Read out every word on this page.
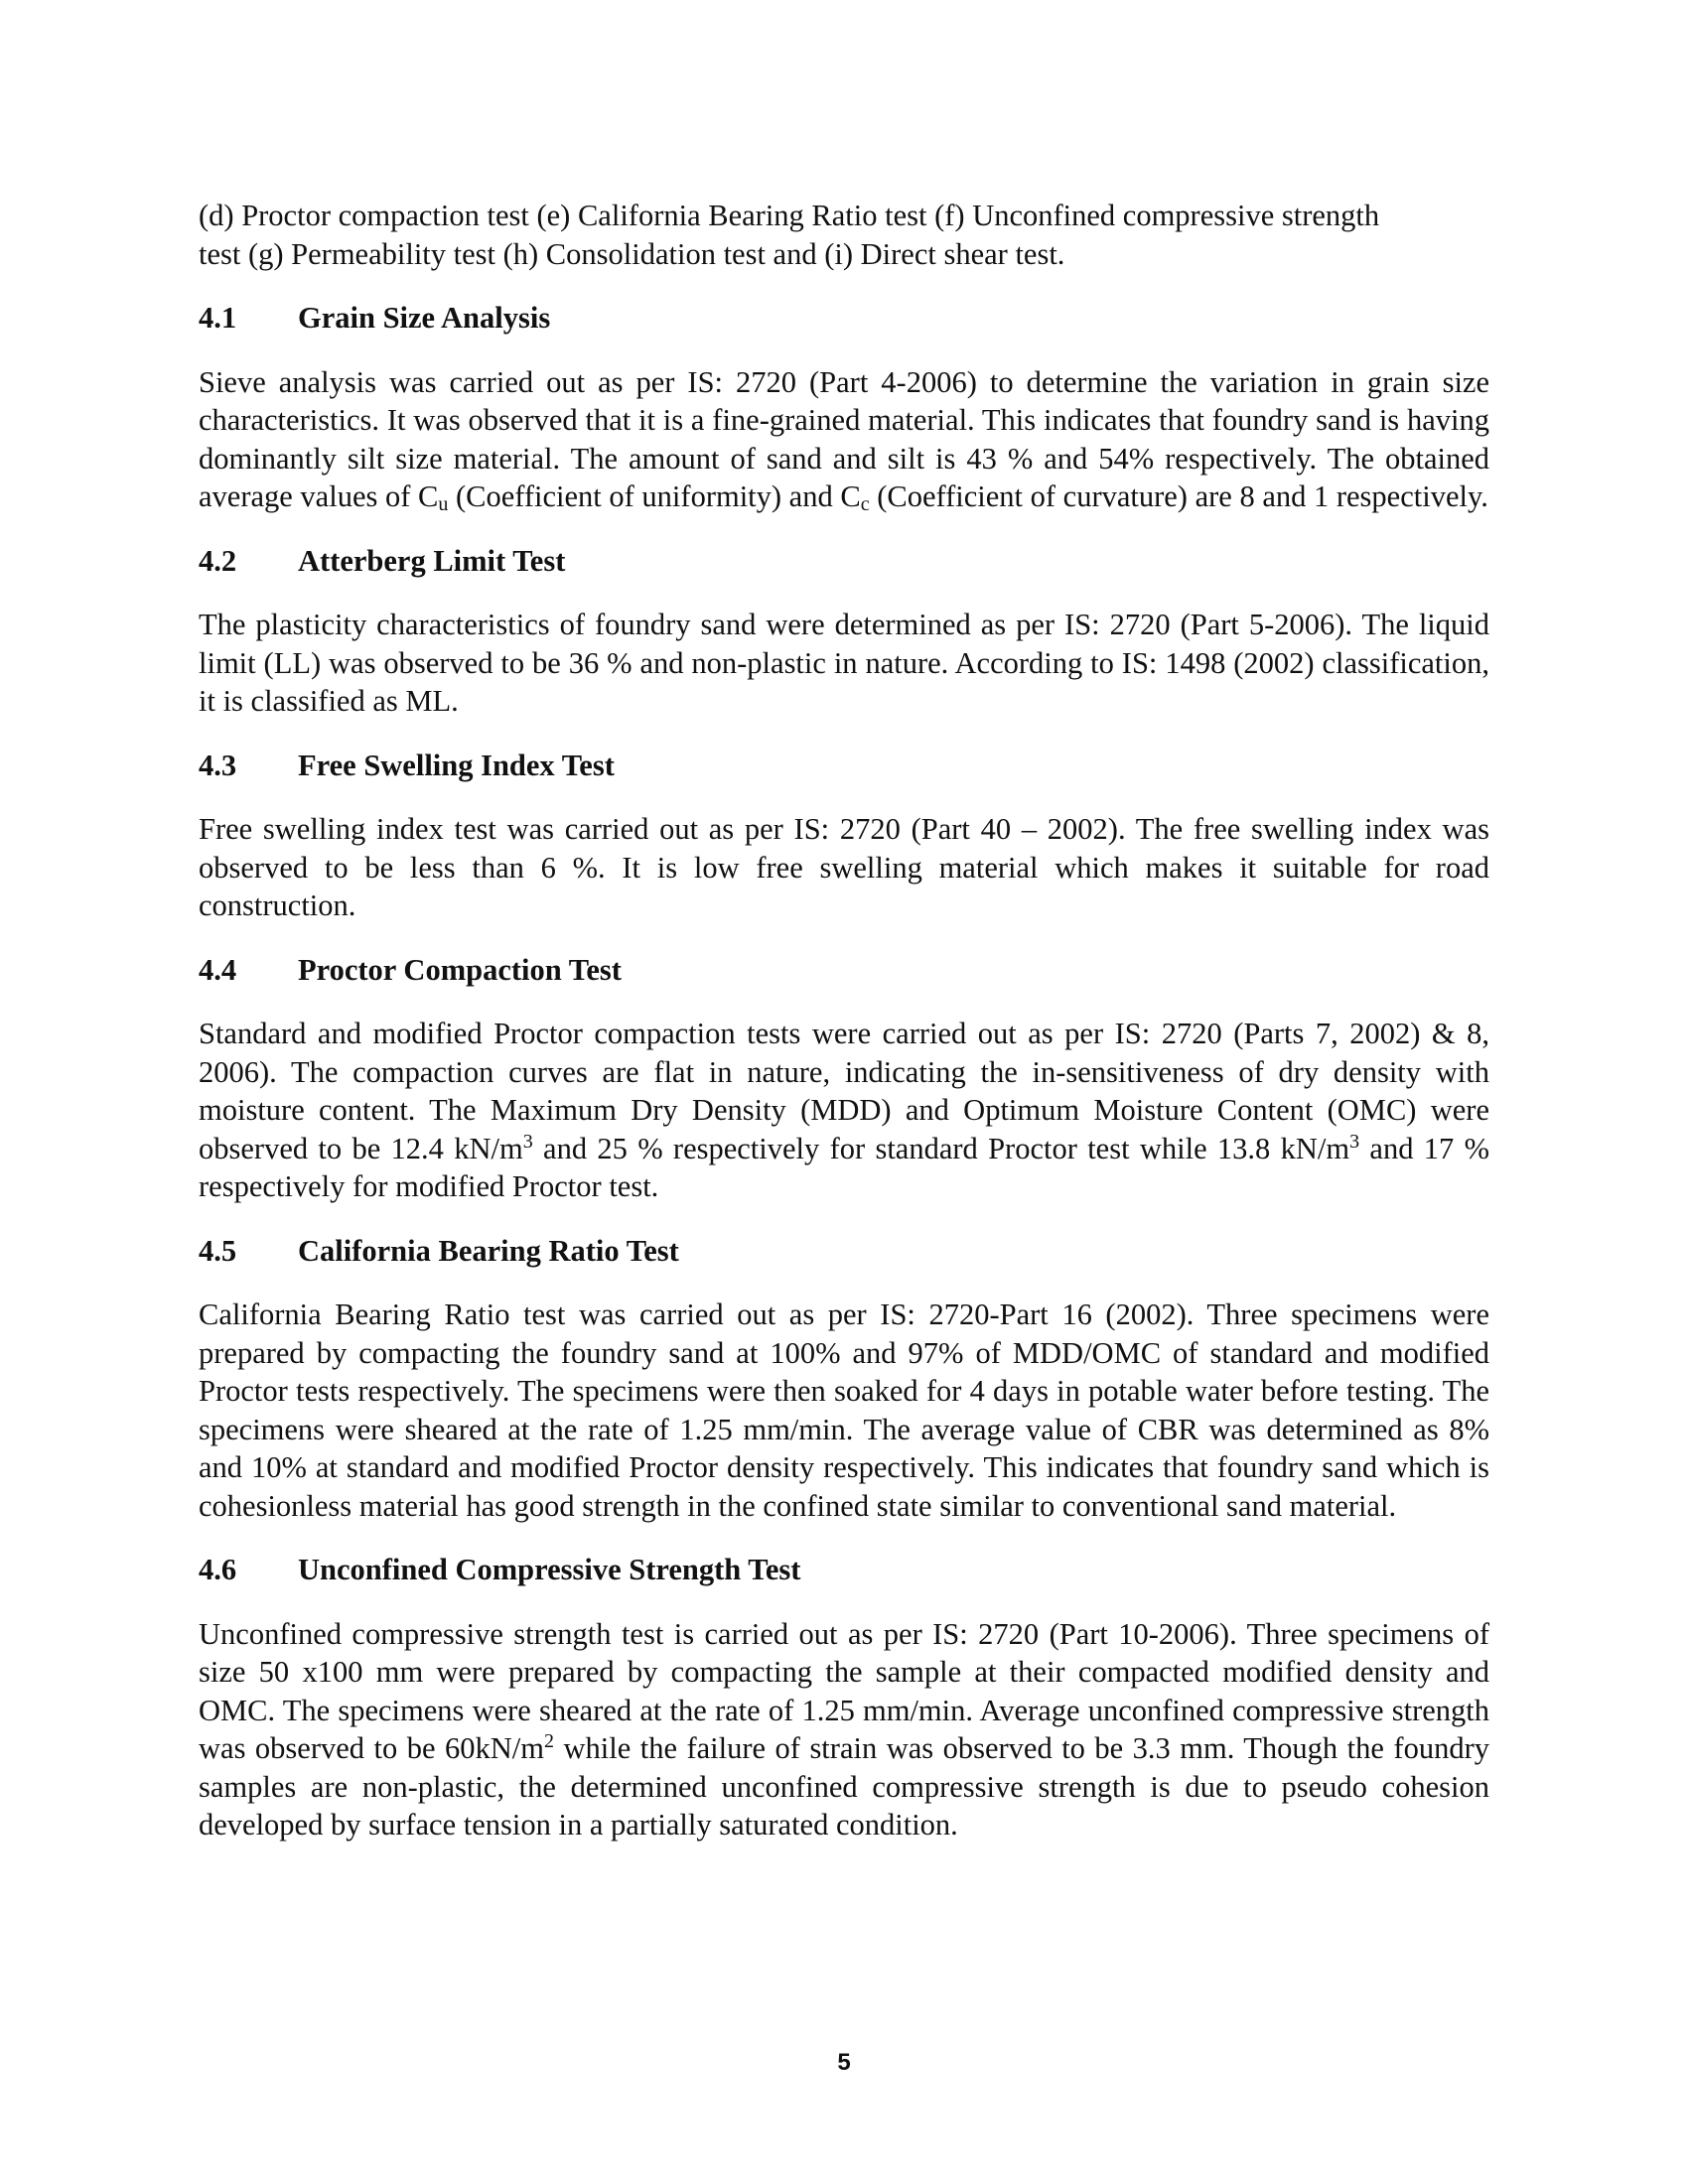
(d) Proctor compaction test (e) California Bearing Ratio test (f) Unconfined compressive strength

test (g) Permeability test (h) Consolidation test and (i) Direct shear test.

4.1	Grain Size Analysis

Sieve analysis was carried out as per IS: 2720 (Part 4-2006) to determine the variation in grain size characteristics. It was observed that it is a fine-grained material. This indicates that foundry sand is having dominantly silt size material. The amount of sand and silt is 43 % and 54% respectively. The obtained average values of $C_u$ (Coefficient of uniformity) and $C_c$ (Coefficient of curvature) are 8 and 1 respectively.

4.2	Atterberg Limit Test

The plasticity characteristics of foundry sand were determined as per IS: 2720 (Part 5-2006). The liquid limit (LL) was observed to be 36 % and non-plastic in nature. According to IS: 1498 (2002) classification, it is classified as ML.

4.3	Free Swelling Index Test

Free swelling index test was carried out as per IS: 2720 (Part 40 – 2002). The free swelling index was observed to be less than 6 %. It is low free swelling material which makes it suitable for road construction.

4.4	Proctor Compaction Test

Standard and modified Proctor compaction tests were carried out as per IS: 2720 (Parts 7, 2002) & 8, 2006). The compaction curves are flat in nature, indicating the in-sensitiveness of dry density with moisture content. The Maximum Dry Density (MDD) and Optimum Moisture Content (OMC) were observed to be 12.4 $kN/m^3$ and 25 % respectively for standard Proctor test while 13.8 $kN/m^3$ and 17 % respectively for modified Proctor test.

4.5	California Bearing Ratio Test

California Bearing Ratio test was carried out as per IS: 2720-Part 16 (2002). Three specimens were prepared by compacting the foundry sand at 100% and 97% of MDD/OMC of standard and modified Proctor tests respectively. The specimens were then soaked for 4 days in potable water before testing. The specimens were sheared at the rate of 1.25 mm/min. The average value of CBR was determined as 8% and 10% at standard and modified Proctor density respectively. This indicates that foundry sand which is cohesionless material has good strength in the confined state similar to conventional sand material.

4.6	Unconfined Compressive Strength Test

Unconfined compressive strength test is carried out as per IS: 2720 (Part 10-2006). Three specimens of size 50 x100 mm were prepared by compacting the sample at their compacted modified density and OMC. The specimens were sheared at the rate of 1.25 mm/min. Average unconfined compressive strength was observed to be $60kN/m^2$ while the failure of strain was observed to be 3.3 mm. Though the foundry samples are non-plastic, the determined unconfined compressive strength is due to pseudo cohesion developed by surface tension in a partially saturated condition.

5
